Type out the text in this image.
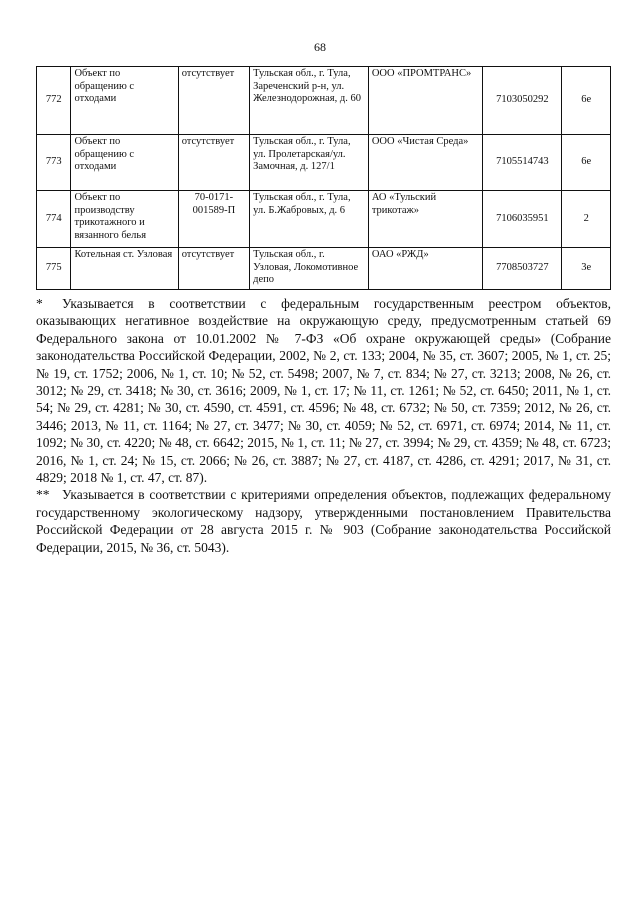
68
772	Объект по обращению с отходами	отсутствует	Тульская обл., г. Тула, Зареченский р-н, ул. Железнодорожная, д. 60	ООО «ПРОМТРАНС»	7103050292	6е
773	Объект по обращению с отходами	отсутствует	Тульская обл., г. Тула, ул. Пролетарская/ул. Замочная, д. 127/1	ООО «Чистая Среда»	7105514743	6е
774	Объект по производству трикотажного и вязанного белья	70-0171-001589-П	Тульская обл., г. Тула, ул. Б.Жабровых, д. 6	АО «Тульский трикотаж»	7106035951	2
775	Котельная ст. Узловая	отсутствует	Тульская обл., г. Узловая, Локомотивное депо	ОАО «РЖД»	7708503727	3е

* Указывается в соответствии с федеральным государственным реестром объектов, оказывающих негативное воздействие на окружающую среду, предусмотренным статьей 69 Федерального закона от 10.01.2002 № 7-ФЗ «Об охране окружающей среды» (Собрание законодательства Российской Федерации, 2002, № 2, ст. 133; 2004, № 35, ст. 3607; 2005, № 1, ст. 25; № 19, ст. 1752; 2006, № 1, ст. 10; № 52, ст. 5498; 2007, № 7, ст. 834; № 27, ст. 3213; 2008, № 26, ст. 3012; № 29, ст. 3418; № 30, ст. 3616; 2009, № 1, ст. 17; № 11, ст. 1261; № 52, ст. 6450; 2011, № 1, ст. 54; № 29, ст. 4281; № 30, ст. 4590, ст. 4591, ст. 4596; № 48, ст. 6732; № 50, ст. 7359; 2012, № 26, ст. 3446; 2013, № 11, ст. 1164; № 27, ст. 3477; № 30, ст. 4059; № 52, ст. 6971, ст. 6974; 2014, № 11, ст. 1092; № 30, ст. 4220; № 48, ст. 6642; 2015, № 1, ст. 11; № 27, ст. 3994; № 29, ст. 4359; № 48, ст. 6723; 2016, № 1, ст. 24; № 15, ст. 2066; № 26, ст. 3887; № 27, ст. 4187, ст. 4286, ст. 4291; 2017, № 31, ст. 4829; 2018 № 1, ст. 47, ст. 87).

** Указывается в соответствии с критериями определения объектов, подлежащих федеральному государственному экологическому надзору, утвержденными постановлением Правительства Российской Федерации от 28 августа 2015 г. № 903 (Собрание законодательства Российской Федерации, 2015, № 36, ст. 5043).
